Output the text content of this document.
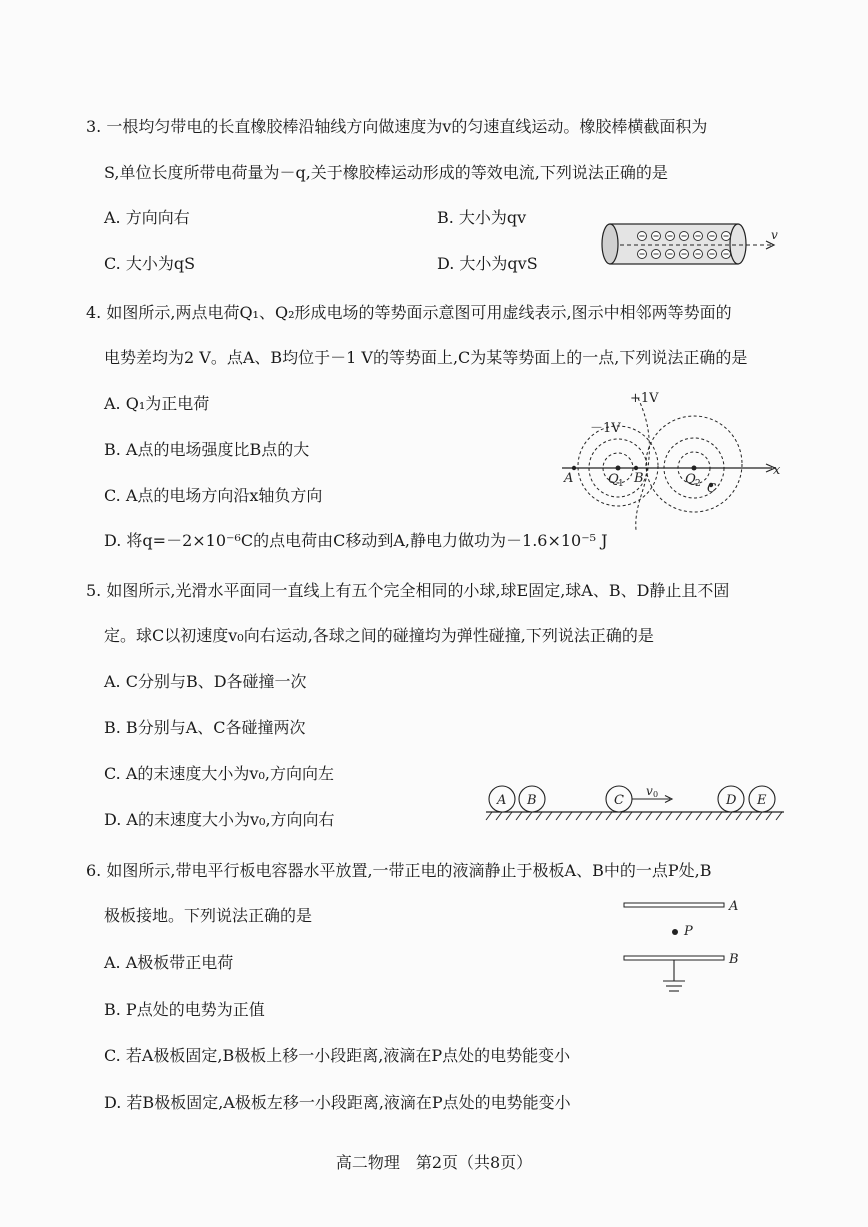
3. 一根均匀带电的长直橡胶棒沿轴线方向做速度为v的匀速直线运动。橡胶棒横截面积为
S,单位长度所带电荷量为－q,关于橡胶棒运动形成的等效电流,下列说法正确的是
A. 方向向右	B. 大小为qv
C. 大小为qS	D. 大小为qvS
v
4. 如图所示,两点电荷Q₁、Q₂形成电场的等势面示意图可用虚线表示,图示中相邻两等势面的
电势差均为2 V。点A、B均位于－1 V的等势面上,C为某等势面上的一点,下列说法正确的是
A. Q₁为正电荷
B. A点的电场强度比B点的大
C. A点的电场方向沿x轴负方向
D. 将q=－2×10⁻⁶C的点电荷由C移动到A,静电力做功为－1.6×10⁻⁵ J
+1V
－1V
A	Q 1 B	Q 2 C
x
5. 如图所示,光滑水平面同一直线上有五个完全相同的小球,球E固定,球A、B、D静止且不固
定。球C以初速度v₀向右运动,各球之间的碰撞均为弹性碰撞,下列说法正确的是
A. C分别与B、D各碰撞一次
B. B分别与A、C各碰撞两次
C. A的末速度大小为v₀,方向向左
D. A的末速度大小为v₀,方向向右
A B	C	D E
v 0
6. 如图所示,带电平行板电容器水平放置,一带正电的液滴静止于极板A、B中的一点P处,B
极板接地。下列说法正确的是
A. A极板带正电荷
B. P点处的电势为正值
C. 若A极板固定,B极板上移一小段距离,液滴在P点处的电势能变小
D. 若B极板固定,A极板左移一小段距离,液滴在P点处的电势能变小
A
P
B
高二物理　第2页（共8页）
